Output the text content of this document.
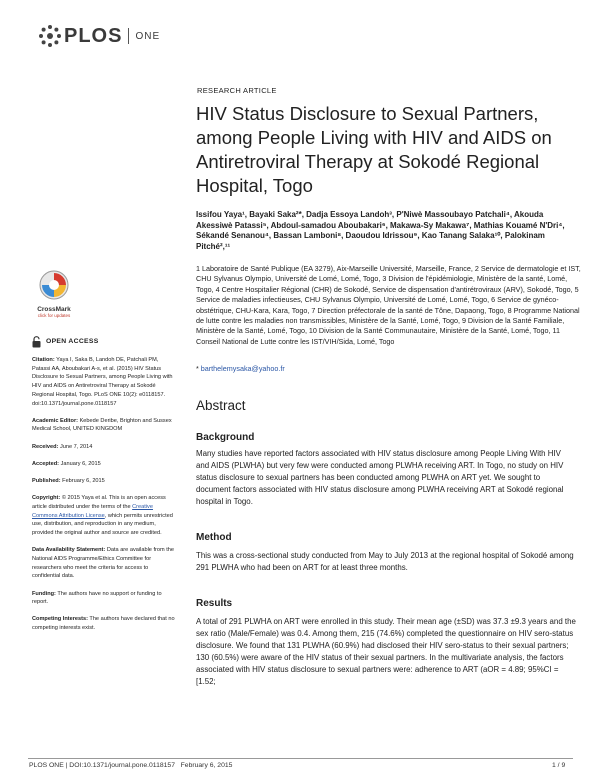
PLOS ONE
RESEARCH ARTICLE
HIV Status Disclosure to Sexual Partners, among People Living with HIV and AIDS on Antiretroviral Therapy at Sokodé Regional Hospital, Togo
Issifou Yaya¹, Bayaki Saka²*, Dadja Essoya Landoh³, P'Niwè Massoubayo Patchali⁴, Akouda Akessiwè Patassi⁵, Abdoul-samadou Aboubakari⁶, Makawa-Sy Makawa⁷, Mathias Kouamé N'Dri⁴, Sékandé Senanou⁴, Bassan Lamboni⁸, Daoudou Idrissou⁹, Kao Tanang Salaka¹⁰, Palokinam Pitché²,¹¹
1 Laboratoire de Santé Publique (EA 3279), Aix-Marseille Université, Marseille, France, 2 Service de dermatologie et IST, CHU Sylvanus Olympio, Université de Lomé, Lomé, Togo, 3 Division de l'épidémiologie, Ministère de la santé, Lomé, Togo, 4 Centre Hospitalier Régional (CHR) de Sokodé, Service de dispensation d'antirétroviraux (ARV), Sokodé, Togo, 5 Service de maladies infectieuses, CHU Sylvanus Olympio, Université de Lomé, Lomé, Togo, 6 Service de gynéco-obstétrique, CHU-Kara, Kara, Togo, 7 Direction préfectorale de la santé de Tône, Dapaong, Togo, 8 Programme National de lutte contre les maladies non transmissibles, Ministère de la Santé, Lomé, Togo, 9 Division de la Santé Familiale, Ministère de la Santé, Lomé, Togo, 10 Division de la Santé Communautaire, Ministère de la Santé, Lomé, Togo, 11 Conseil National de Lutte contre les IST/VIH/Sida, Lomé, Togo
* barthelemysaka@yahoo.fr
CrossMark
click for updates
OPEN ACCESS

Citation: Yaya I, Saka B, Landoh DE, Patchali PM, Patassi AA, Aboubakari A-s, et al. (2015) HIV Status Disclosure to Sexual Partners, among People Living with HIV and AIDS on Antiretroviral Therapy at Sokodé Regional Hospital, Togo. PLoS ONE 10(2): e0118157. doi:10.1371/journal.pone.0118157

Academic Editor: Kebede Deribe, Brighton and Sussex Medical School, UNITED KINGDOM

Received: June 7, 2014

Accepted: January 6, 2015

Published: February 6, 2015

Copyright: © 2015 Yaya et al. This is an open access article distributed under the terms of the Creative Commons Attribution License, which permits unrestricted use, distribution, and reproduction in any medium, provided the original author and source are credited.

Data Availability Statement: Data are available from the National AIDS Programme/Ethics Committee for researchers who meet the criteria for access to confidential data.

Funding: The authors have no support or funding to report.

Competing Interests: The authors have declared that no competing interests exist.

Abstract
Background
Many studies have reported factors associated with HIV status disclosure among People Living With HIV and AIDS (PLWHA) but very few were conducted among PLWHA receiving ART. In Togo, no study on HIV status disclosure to sexual partners has been conducted among PLWHA on ART yet. We sought to document factors associated with HIV status disclosure among PLWHA receiving ART at Sokodé regional hospital in Togo.
Method
This was a cross-sectional study conducted from May to July 2013 at the regional hospital of Sokodé among 291 PLWHA who had been on ART for at least three months.
Results
A total of 291 PLWHA on ART were enrolled in this study. Their mean age (±SD) was 37.3 ±9.3 years and the sex ratio (Male/Female) was 0.4. Among them, 215 (74.6%) completed the questionnaire on HIV sero-status disclosure. We found that 131 PLWHA (60.9%) had disclosed their HIV sero-status to their sexual partners; 130 (60.5%) were aware of the HIV status of their sexual partners. In the multivariate analysis, the factors associated with HIV status disclosure to sexual partners were: adherence to ART (aOR = 4.89; 95%CI = [1.52;
PLOS ONE | DOI:10.1371/journal.pone.0118157   February 6, 2015	1 / 9
